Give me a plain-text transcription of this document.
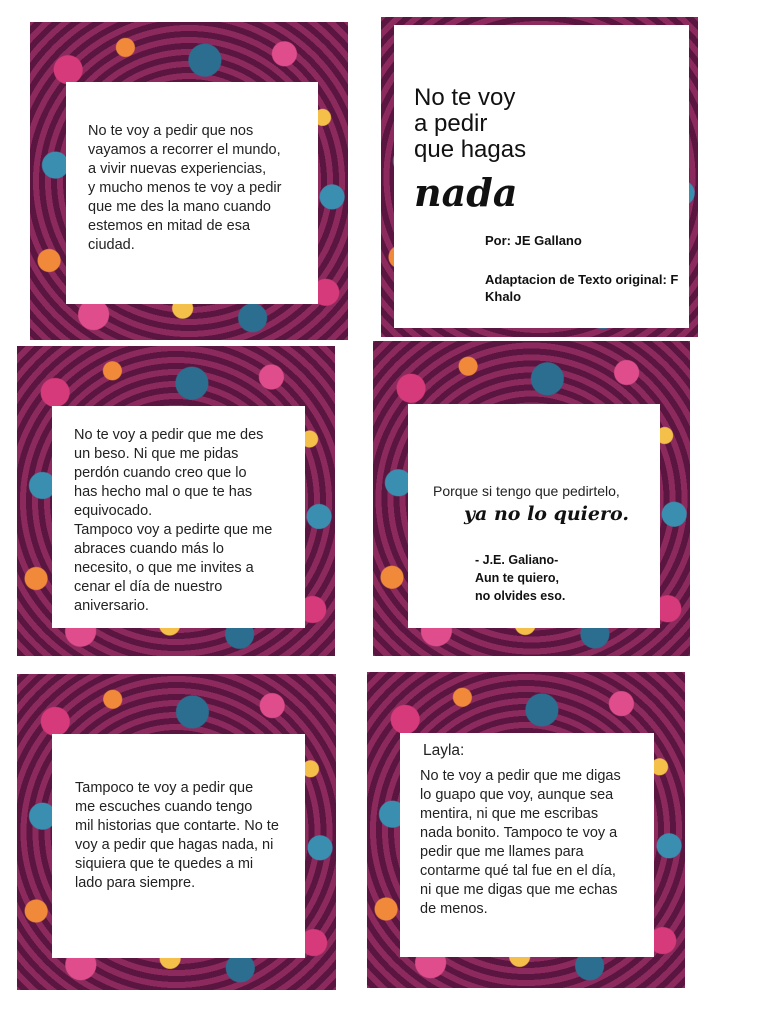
No te voy a pedir que nos
vayamos a recorrer el mundo,
a vivir nuevas experiencias,
y mucho menos te voy a pedir
que me des la mano cuando
estemos en mitad de esa
ciudad.
No te voy
a pedir
que hagas
nada
Por: JE Gallano
Adaptacion de Texto original: F
Khalo
No te voy a pedir que me des
un beso. Ni que me pidas
perdón cuando creo que lo
has hecho mal o que te has
equivocado.
Tampoco voy a pedirte que me
abraces cuando más lo
necesito, o que me invites a
cenar el día de nuestro
aniversario.
Porque si tengo que pedirtelo,
ya no lo quiero.
- J.E. Galiano-
Aun te quiero,
no olvides eso.
Tampoco te voy a pedir que
me escuches cuando tengo
mil historias que contarte. No te
voy a pedir que hagas nada, ni
siquiera que te quedes a mi
lado para siempre.
Layla:
No te voy a pedir que me digas
lo guapo que voy, aunque sea
mentira, ni que me escribas
nada bonito. Tampoco te voy a
pedir que me llames para
contarme qué tal fue en el día,
ni que me digas que me echas
de menos.
